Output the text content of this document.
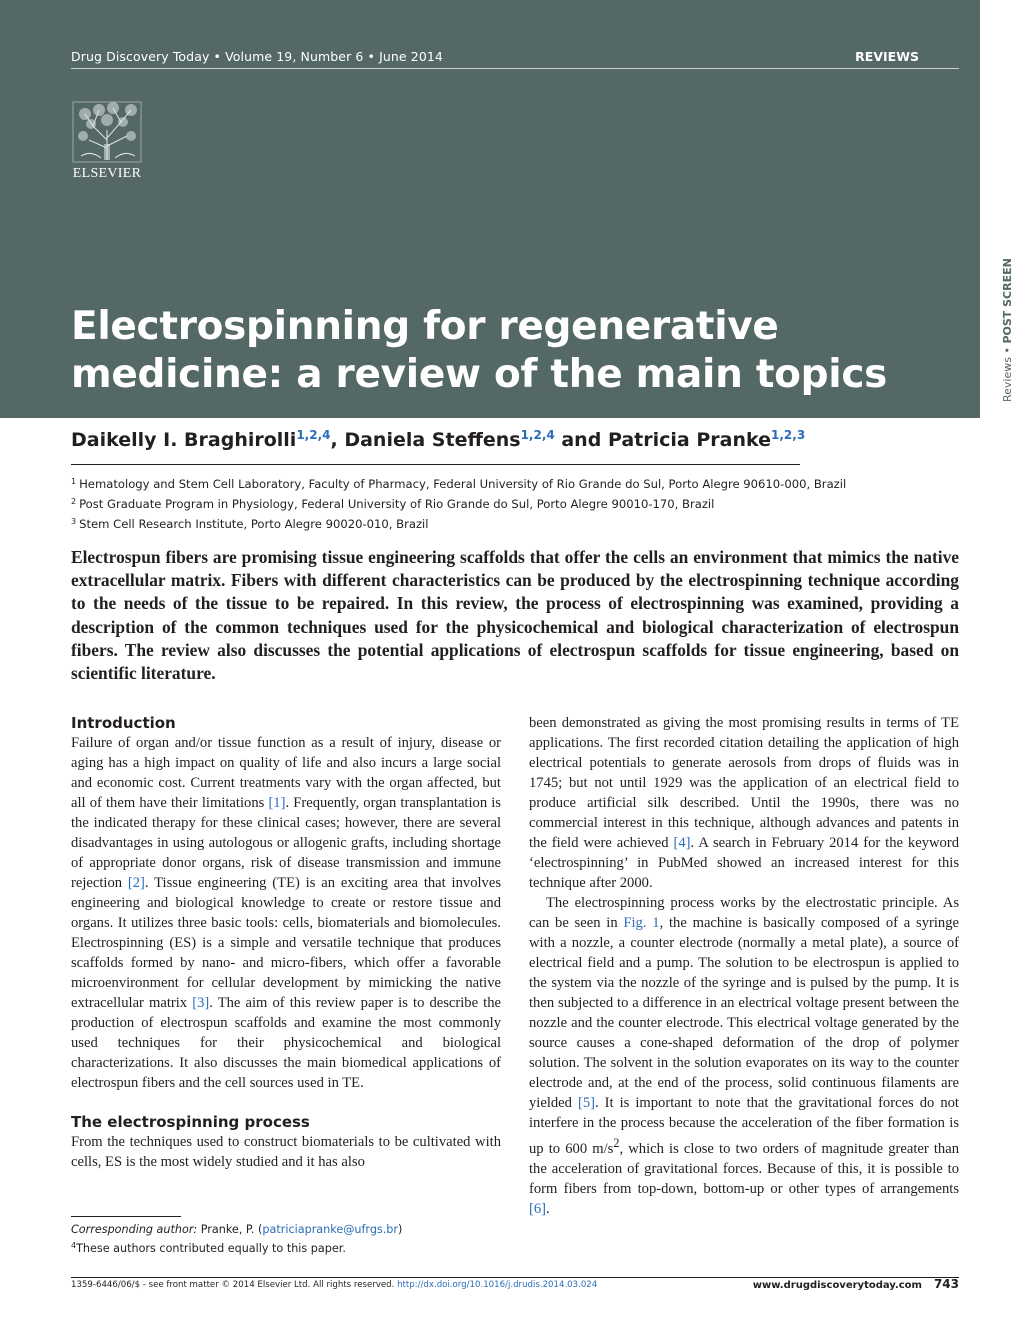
Drug Discovery Today • Volume 19, Number 6 • June 2014	REVIEWS
ELSEVIER
Electrospinning for regenerative
medicine: a review of the main topics	Reviews • POST SCREEN
Daikelly I. Braghirolli$^{1,2,4}$, Daniela Steffens$^{1,2,4}$ and Patricia Pranke$^{1,2,3}$
$^1$ Hematology and Stem Cell Laboratory, Faculty of Pharmacy, Federal University of Rio Grande do Sul, Porto Alegre 90610-000, Brazil
$^2$ Post Graduate Program in Physiology, Federal University of Rio Grande do Sul, Porto Alegre 90010-170, Brazil
$^3$ Stem Cell Research Institute, Porto Alegre 90020-010, Brazil

Electrospun fibers are promising tissue engineering scaffolds that offer the cells an environment that mimics the native extracellular matrix. Fibers with different characteristics can be produced by the electrospinning technique according to the needs of the tissue to be repaired. In this review, the process of electrospinning was examined, providing a description of the common techniques used for the physicochemical and biological characterization of electrospun fibers. The review also discusses the potential applications of electrospun scaffolds for tissue engineering, based on scientific literature.

Introduction

Failure of organ and/or tissue function as a result of injury, disease or aging has a high impact on quality of life and also incurs a large social and economic cost. Current treatments vary with the organ affected, but all of them have their limitations [1]. Frequently, organ transplantation is the indicated therapy for these clinical cases; however, there are several disadvantages in using autologous or allogenic grafts, including shortage of appropriate donor organs, risk of disease transmission and immune rejection [2]. Tissue engineering (TE) is an exciting area that involves engineering and biological knowledge to create or restore tissue and organs. It utilizes three basic tools: cells, biomaterials and biomolecules. Electrospinning (ES) is a simple and versatile technique that produces scaffolds formed by nano- and micro-fibers, which offer a favorable microenvironment for cellular development by mimicking the native extracellular matrix [3]. The aim of this review paper is to describe the production of electrospun scaffolds and examine the most commonly used techniques for their physicochemical and biological characterizations. It also discusses the main biomedical applications of electrospun fibers and the cell sources used in TE.

The electrospinning process

From the techniques used to construct biomaterials to be cultivated with cells, ES is the most widely studied and it has also

been demonstrated as giving the most promising results in terms of TE applications. The first recorded citation detailing the application of high electrical potentials to generate aerosols from drops of fluids was in 1745; but not until 1929 was the application of an electrical field to produce artificial silk described. Until the 1990s, there was no commercial interest in this technique, although advances and patents in the field were achieved [4]. A search in February 2014 for the keyword ‘electrospinning’ in PubMed showed an increased interest for this technique after 2000.

The electrospinning process works by the electrostatic principle. As can be seen in Fig. 1, the machine is basically composed of a syringe with a nozzle, a counter electrode (normally a metal plate), a source of electrical field and a pump. The solution to be electrospun is applied to the system via the nozzle of the syringe and is pulsed by the pump. It is then subjected to a difference in an electrical voltage present between the nozzle and the counter electrode. This electrical voltage generated by the source causes a cone-shaped deformation of the drop of polymer solution. The solvent in the solution evaporates on its way to the counter electrode and, at the end of the process, solid continuous filaments are yielded [5]. It is important to note that the gravitational forces do not interfere in the process because the acceleration of the fiber formation is up to 600 $m/s^2$, which is close to two orders of magnitude greater than the acceleration of gravitational forces. Because of this, it is possible to form fibers from top-down, bottom-up or other types of arrangements [6].

Corresponding author: Pranke, P. (patriciapranke@ufrgs.br)
$^4$These authors contributed equally to this paper.
1359-6446/06/$ - see front matter © 2014 Elsevier Ltd. All rights reserved. http://dx.doi.org/10.1016/j.drudis.2014.03.024	www.drugdiscoverytoday.com 743
